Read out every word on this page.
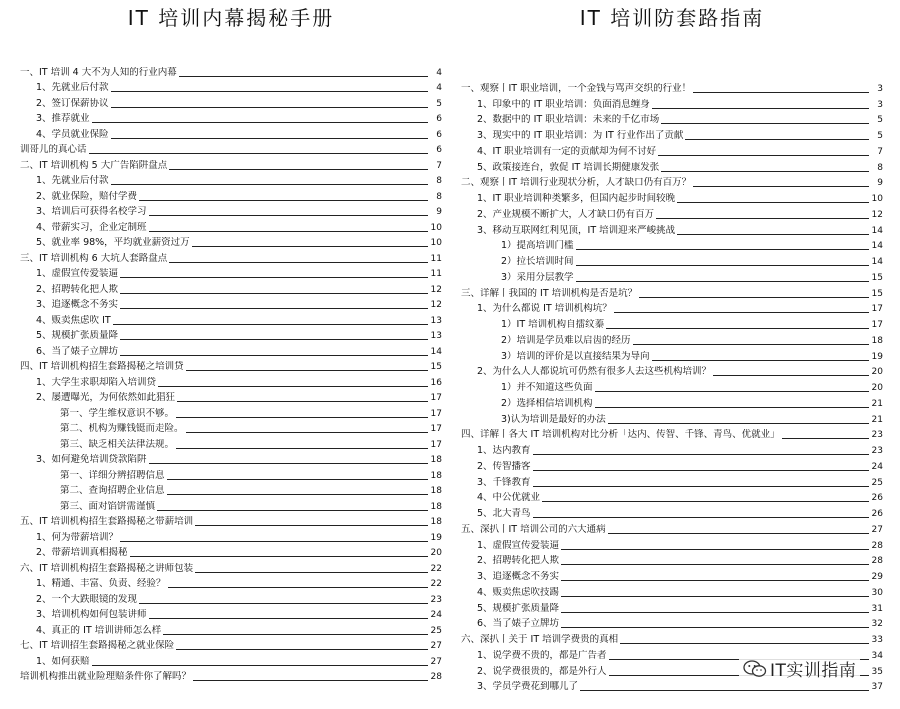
IT 培训内幕揭秘手册
一、IT 培训 4 大不为人知的行业内幕	4
1、先就业后付款	4
2、签订保薪协议	5
3、推荐就业	6
4、学员就业保险	6
训哥儿的真心话	6
二、IT 培训机构 5 大广告陷阱盘点	7
1、先就业后付款	8
2、就业保险，赔付学费	8
3、培训后可获得名校学习	9
4、带薪实习，企业定制班	10
5、就业率 98%，平均就业薪资过万	10
三、IT 培训机构 6 大坑人套路盘点	11
1、虚假宣传爱装逼	11
2、招聘转化把人欺	12
3、追逐概念不务实	12
4、贩卖焦虑吹 IT	13
5、规模扩张质量降	13
6、当了婊子立牌坊	14
四、IT 培训机构招生套路揭秘之培训贷	15
1、大学生求职却陷入培训贷	16
2、屡遭曝光，为何依然如此猖狂	17
第一、学生维权意识不够。	17
第二、机构为赚钱铤而走险。	17
第三、缺乏相关法律法规。	17
3、如何避免培训贷款陷阱	18
第一、详细分辨招聘信息	18
第二、查询招聘企业信息	18
第三、面对馅饼需谨慎	18
五、IT 培训机构招生套路揭秘之带薪培训	18
1、何为带薪培训？	19
2、带薪培训真相揭秘	20
六、IT 培训机构招生套路揭秘之讲师包装	22
1、精通、丰富、负责、经验？	22
2、一个大跌眼镜的发现	23
3、培训机构如何包装讲师	24
4、真正的 IT 培训讲师怎么样	25
七、IT 培训招生套路揭秘之就业保险	27
1、如何获赔	27
培训机构推出就业险理赔条件你了解吗？	28
IT 培训防套路指南
一、观察丨IT 职业培训，一个金钱与骂声交织的行业！	3
1、印象中的 IT 职业培训：负面消息缠身	3
2、数据中的 IT 职业培训：未来的千亿市场	5
3、现实中的 IT 职业培训：为 IT 行业作出了贡献	5
4、IT 职业培训有一定的贡献却为何不讨好	7
5、政策接连台，敦促 IT 培训长期健康发张	8
二、观察丨IT 培训行业现状分析，人才缺口仍有百万？	9
1、IT 职业培训种类繁多，但国内起步时间较晚	10
2、产业规模不断扩大，人才缺口仍有百万	12
3、移动互联网红利见顶，IT 培训迎来严峻挑战	14
1）提高培训门槛	14
2）拉长培训时间	14
3）采用分层教学	15
三、详解丨我国的 IT 培训机构是否是坑？	15
1、为什么都说 IT 培训机构坑？	17
1）IT 培训机构自擂纹蓁	17
2）培训是学员难以启齿的经历	18
3）培训的评价是以直接结果为导向	19
2、为什么人人都说坑可仍然有很多人去这些机构培训？	20
1）并不知道这些负面	20
2）选择相信培训机构	21
3)认为培训是最好的办法	21
四、详解丨各大 IT 培训机构对比分析「达内、传智、千锋、青鸟、优就业」	23
1、达内教育	23
2、传智播客	24
3、千锋教育	25
4、中公优就业	26
5、北大青鸟	26
五、深扒丨IT 培训公司的六大通病	27
1、虚假宣传爱装逼	28
2、招聘转化把人欺	28
3、追逐概念不务实	29
4、贩卖焦虑吹技踢	30
5、规模扩张质量降	31
6、当了婊子立牌坊	32
六、深扒丨关于 IT 培训学费贵的真相	33
1、说学费不贵的，都是广告者	34
2、说学费很贵的，都是外行人	35
3、学员学费花到哪儿了	37
IT实训指南
